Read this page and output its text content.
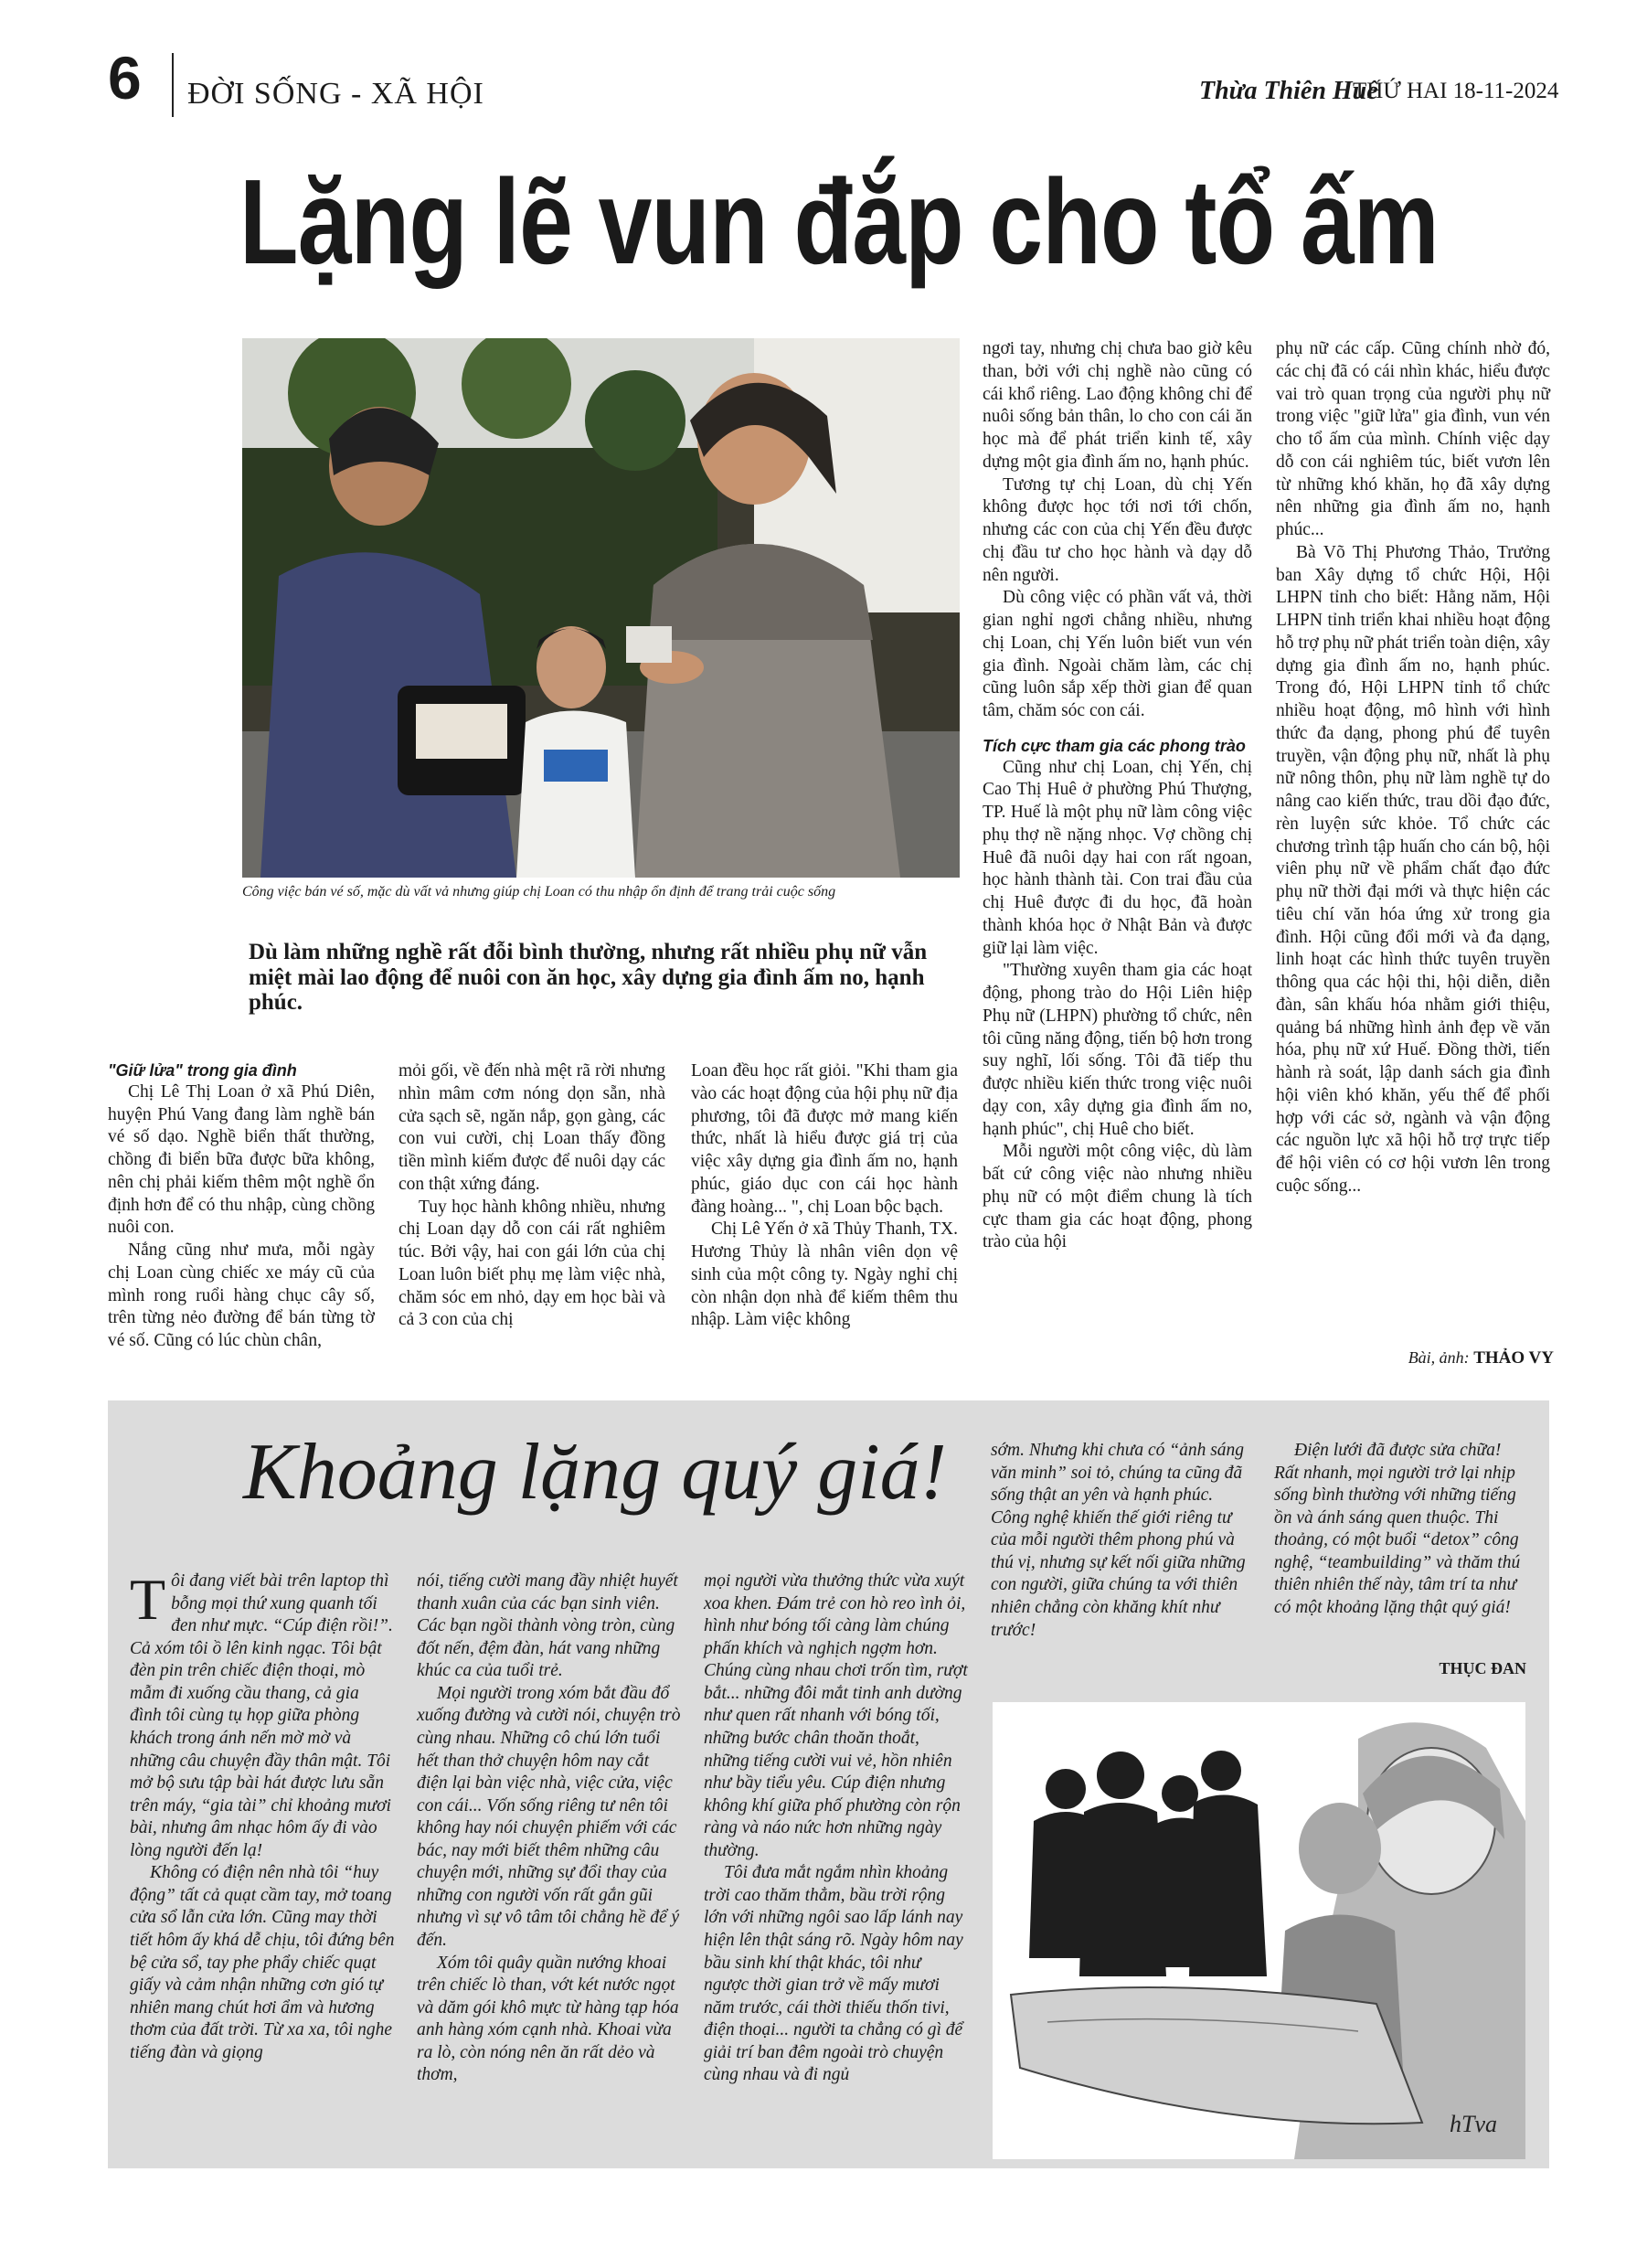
6 ĐỜI SỐNG - XÃ HỘI	Thừa Thiên Huế
THỨ HAI 18-11-2024
Lặng lẽ vun đắp cho tổ ấm
Công việc bán vé số, mặc dù vất vả nhưng giúp chị Loan có thu nhập ổn định để trang trải cuộc sống
Dù làm những nghề rất đỗi bình thường, nhưng rất nhiều phụ nữ vẫn miệt mài lao động để nuôi con ăn học, xây dựng gia đình ấm no, hạnh phúc.

"Giữ lửa" trong gia đình

Chị Lê Thị Loan ở xã Phú Diên, huyện Phú Vang đang làm nghề bán vé số dạo. Nghề biển thất thường, chồng đi biển bữa được bữa không, nên chị phải kiếm thêm một nghề ổn định hơn để có thu nhập, cùng chồng nuôi con.

Nắng cũng như mưa, mỗi ngày chị Loan cùng chiếc xe máy cũ của mình rong ruổi hàng chục cây số, trên từng nẻo đường để bán từng tờ vé số. Cũng có lúc chùn chân,

mỏi gối, về đến nhà mệt rã rời nhưng nhìn mâm cơm nóng dọn sẵn, nhà cửa sạch sẽ, ngăn nắp, gọn gàng, các con vui cười, chị Loan thấy đồng tiền mình kiếm được để nuôi dạy các con thật xứng đáng.

Tuy học hành không nhiều, nhưng chị Loan dạy dỗ con cái rất nghiêm túc. Bởi vậy, hai con gái lớn của chị Loan luôn biết phụ mẹ làm việc nhà, chăm sóc em nhỏ, dạy em học bài và cả 3 con của chị

Loan đều học rất giỏi. "Khi tham gia vào các hoạt động của hội phụ nữ địa phương, tôi đã được mở mang kiến thức, nhất là hiểu được giá trị của việc xây dựng gia đình ấm no, hạnh phúc, giáo dục con cái học hành đàng hoàng... ", chị Loan bộc bạch.

Chị Lê Yến ở xã Thủy Thanh, TX. Hương Thủy là nhân viên dọn vệ sinh của một công ty. Ngày nghỉ chị còn nhận dọn nhà để kiếm thêm thu nhập. Làm việc không

ngơi tay, nhưng chị chưa bao giờ kêu than, bởi với chị nghề nào cũng có cái khổ riêng. Lao động không chỉ để nuôi sống bản thân, lo cho con cái ăn học mà để phát triển kinh tế, xây dựng một gia đình ấm no, hạnh phúc.

Tương tự chị Loan, dù chị Yến không được học tới nơi tới chốn, nhưng các con của chị Yến đều được chị đầu tư cho học hành và dạy dỗ nên người.

Dù công việc có phần vất vả, thời gian nghỉ ngơi chẳng nhiều, nhưng chị Loan, chị Yến luôn biết vun vén gia đình. Ngoài chăm làm, các chị cũng luôn sắp xếp thời gian để quan tâm, chăm sóc con cái.

Tích cực tham gia các phong trào

Cũng như chị Loan, chị Yến, chị Cao Thị Huê ở phường Phú Thượng, TP. Huế là một phụ nữ làm công việc phụ thợ nề nặng nhọc. Vợ chồng chị Huê đã nuôi dạy hai con rất ngoan, học hành thành tài. Con trai đầu của chị Huê được đi du học, đã hoàn thành khóa học ở Nhật Bản và được giữ lại làm việc.

"Thường xuyên tham gia các hoạt động, phong trào do Hội Liên hiệp Phụ nữ (LHPN) phường tổ chức, nên tôi cũng năng động, tiến bộ hơn trong suy nghĩ, lối sống. Tôi đã tiếp thu được nhiều kiến thức trong việc nuôi dạy con, xây dựng gia đình ấm no, hạnh phúc", chị Huê cho biết.

Mỗi người một công việc, dù làm bất cứ công việc nào nhưng nhiều phụ nữ có một điểm chung là tích cực tham gia các hoạt động, phong trào của hội

phụ nữ các cấp. Cũng chính nhờ đó, các chị đã có cái nhìn khác, hiểu được vai trò quan trọng của người phụ nữ trong việc "giữ lửa" gia đình, vun vén cho tổ ấm của mình. Chính việc dạy dỗ con cái nghiêm túc, biết vươn lên từ những khó khăn, họ đã xây dựng nên những gia đình ấm no, hạnh phúc...

Bà Võ Thị Phương Thảo, Trưởng ban Xây dựng tổ chức Hội, Hội LHPN tỉnh cho biết: Hằng năm, Hội LHPN tỉnh triển khai nhiều hoạt động hỗ trợ phụ nữ phát triển toàn diện, xây dựng gia đình ấm no, hạnh phúc. Trong đó, Hội LHPN tỉnh tổ chức nhiều hoạt động, mô hình với hình thức đa dạng, phong phú để tuyên truyền, vận động phụ nữ, nhất là phụ nữ nông thôn, phụ nữ làm nghề tự do nâng cao kiến thức, trau dồi đạo đức, rèn luyện sức khỏe. Tổ chức các chương trình tập huấn cho cán bộ, hội viên phụ nữ về phẩm chất đạo đức phụ nữ thời đại mới và thực hiện các tiêu chí văn hóa ứng xử trong gia đình. Hội cũng đổi mới và đa dạng, linh hoạt các hình thức tuyên truyền thông qua các hội thi, hội diễn, diễn đàn, sân khấu hóa nhằm giới thiệu, quảng bá những hình ảnh đẹp về văn hóa, phụ nữ xứ Huế. Đồng thời, tiến hành rà soát, lập danh sách gia đình hội viên khó khăn, yếu thế để phối hợp với các sở, ngành và vận động các nguồn lực xã hội hỗ trợ trực tiếp để hội viên có cơ hội vươn lên trong cuộc sống...

Bài, ảnh: THẢO VY
Khoảng lặng quý giá!

Tôi đang viết bài trên laptop thì bỗng mọi thứ xung quanh tối đen như mực. “Cúp điện rồi!”. Cả xóm tôi ồ lên kinh ngạc. Tôi bật đèn pin trên chiếc điện thoại, mò mẫm đi xuống cầu thang, cả gia đình tôi cùng tụ họp giữa phòng khách trong ánh nến mờ mờ và những câu chuyện đầy thân mật. Tôi mở bộ sưu tập bài hát được lưu sẵn trên máy, “gia tài” chỉ khoảng mươi bài, nhưng âm nhạc hôm ấy đi vào lòng người đến lạ!

Không có điện nên nhà tôi “huy động” tất cả quạt cầm tay, mở toang cửa sổ lẫn cửa lớn. Cũng may thời tiết hôm ấy khá dễ chịu, tôi đứng bên bệ cửa sổ, tay phe phẩy chiếc quạt giấy và cảm nhận những cơn gió tự nhiên mang chút hơi ẩm và hương thơm của đất trời. Từ xa xa, tôi nghe tiếng đàn và giọng

nói, tiếng cười mang đầy nhiệt huyết thanh xuân của các bạn sinh viên. Các bạn ngồi thành vòng tròn, cùng đốt nến, đệm đàn, hát vang những khúc ca của tuổi trẻ.

Mọi người trong xóm bắt đầu đổ xuống đường và cười nói, chuyện trò cùng nhau. Những cô chú lớn tuổi hết than thở chuyện hôm nay cắt điện lại bàn việc nhà, việc cửa, việc con cái... Vốn sống riêng tư nên tôi không hay nói chuyện phiếm với các bác, nay mới biết thêm những câu chuyện mới, những sự đổi thay của những con người vốn rất gắn gũi nhưng vì sự vô tâm tôi chẳng hề để ý đến.

Xóm tôi quây quần nướng khoai trên chiếc lò than, vớt két nước ngọt và dăm gói khô mực từ hàng tạp hóa anh hàng xóm cạnh nhà. Khoai vừa ra lò, còn nóng nên ăn rất dẻo và thơm,

mọi người vừa thưởng thức vừa xuýt xoa khen. Đám trẻ con hò reo ình ỏi, hình như bóng tối càng làm chúng phấn khích và nghịch ngợm hơn. Chúng cùng nhau chơi trốn tìm, rượt bắt... những đôi mắt tinh anh dường như quen rất nhanh với bóng tối, những bước chân thoăn thoắt, những tiếng cười vui vẻ, hồn nhiên như bầy tiểu yêu. Cúp điện nhưng không khí giữa phố phường còn rộn ràng và náo nức hơn những ngày thường.

Tôi đưa mắt ngắm nhìn khoảng trời cao thăm thẳm, bầu trời rộng lớn với những ngôi sao lấp lánh nay hiện lên thật sáng rõ. Ngày hôm nay bầu sinh khí thật khác, tôi như ngược thời gian trở về mấy mươi năm trước, cái thời thiếu thốn tivi, điện thoại... người ta chẳng có gì để giải trí ban đêm ngoài trò chuyện cùng nhau và đi ngủ

sớm. Nhưng khi chưa có “ảnh sáng văn minh” soi tỏ, chúng ta cũng đã sống thật an yên và hạnh phúc. Công nghệ khiến thế giới riêng tư của mỗi người thêm phong phú và thú vị, nhưng sự kết nối giữa những con người, giữa chúng ta với thiên nhiên chẳng còn khăng khít như trước!

Điện lưới đã được sửa chữa! Rất nhanh, mọi người trở lại nhịp sống bình thường với những tiếng ồn và ánh sáng quen thuộc. Thi thoảng, có một buổi “detox” công nghệ, “teambuilding” và thăm thú thiên nhiên thế này, tâm trí ta như có một khoảng lặng thật quý giá!

THỤC ĐAN
hTva
